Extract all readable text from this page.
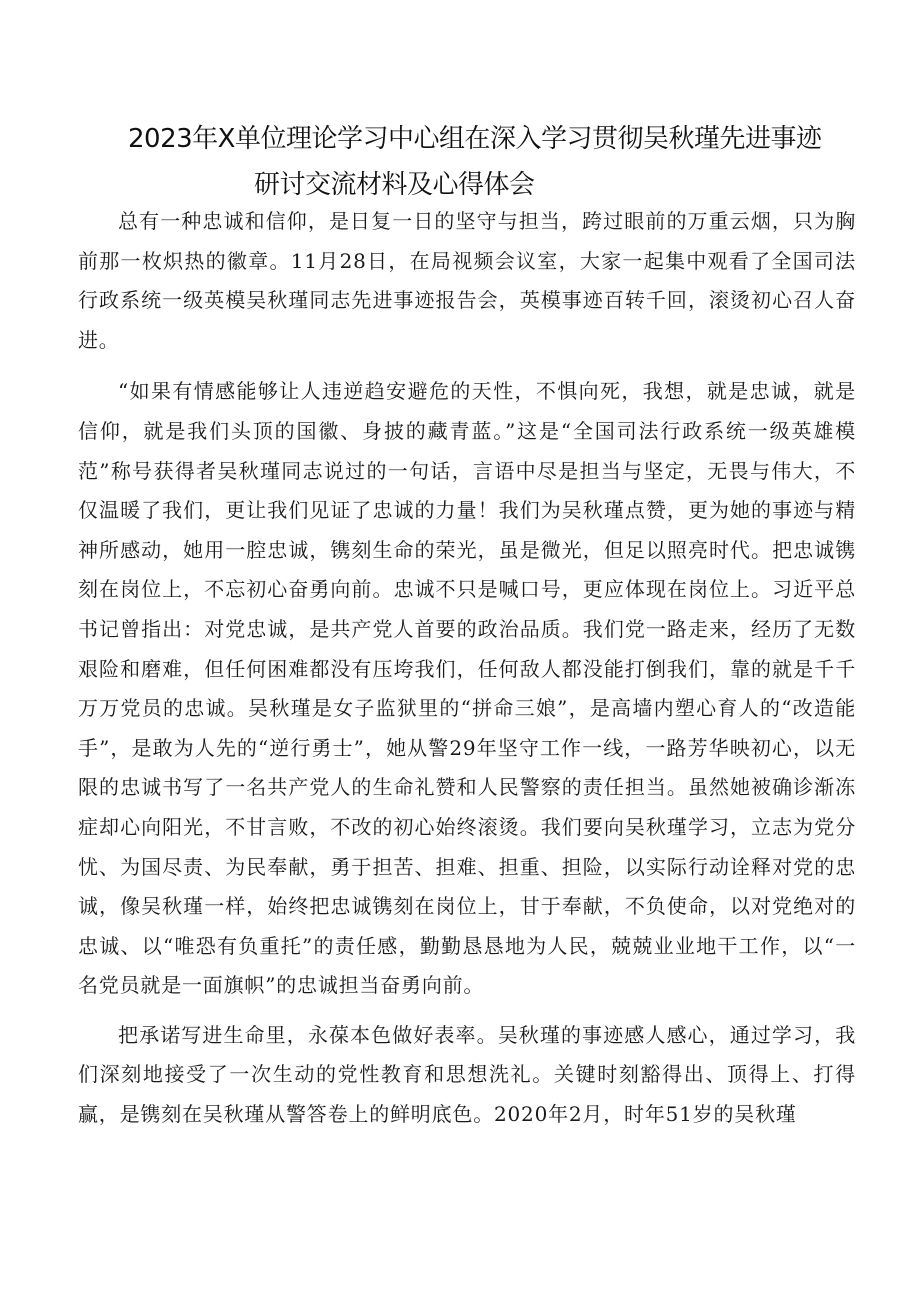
2023年X单位理论学习中心组在深入学习贯彻吴秋瑾先进事迹
研讨交流材料及心得体会

总有一种忠诚和信仰，是日复一日的坚守与担当，跨过眼前的万重云烟，只为胸前那一枚炽热的徽章。11月28日，在局视频会议室，大家一起集中观看了全国司法行政系统一级英模吴秋瑾同志先进事迹报告会，英模事迹百转千回，滚烫初心召人奋进。

“如果有情感能够让人违逆趋安避危的天性，不惧向死，我想，就是忠诚，就是信仰，就是我们头顶的国徽、身披的藏青蓝。”这是“全国司法行政系统一级英雄模范”称号获得者吴秋瑾同志说过的一句话，言语中尽是担当与坚定，无畏与伟大，不仅温暖了我们，更让我们见证了忠诚的力量！我们为吴秋瑾点赞，更为她的事迹与精神所感动，她用一腔忠诚，镌刻生命的荣光，虽是微光，但足以照亮时代。把忠诚镌刻在岗位上，不忘初心奋勇向前。忠诚不只是喊口号，更应体现在岗位上。习近平总书记曾指出：对党忠诚，是共产党人首要的政治品质。我们党一路走来，经历了无数艰险和磨难，但任何困难都没有压垮我们，任何敌人都没能打倒我们，靠的就是千千万万党员的忠诚。吴秋瑾是女子监狱里的“拼命三娘”，是高墙内塑心育人的“改造能手”，是敢为人先的“逆行勇士”，她从警29年坚守工作一线，一路芳华映初心，以无限的忠诚书写了一名共产党人的生命礼赞和人民警察的责任担当。虽然她被确诊渐冻症却心向阳光，不甘言败，不改的初心始终滚烫。我们要向吴秋瑾学习，立志为党分忧、为国尽责、为民奉献，勇于担苦、担难、担重、担险，以实际行动诠释对党的忠诚，像吴秋瑾一样，始终把忠诚镌刻在岗位上，甘于奉献，不负使命，以对党绝对的忠诚、以“唯恐有负重托”的责任感，勤勤恳恳地为人民，兢兢业业地干工作，以“一名党员就是一面旗帜”的忠诚担当奋勇向前。

把承诺写进生命里，永葆本色做好表率。吴秋瑾的事迹感人感心，通过学习，我们深刻地接受了一次生动的党性教育和思想洗礼。关键时刻豁得出、顶得上、打得赢，是镌刻在吴秋瑾从警答卷上的鲜明底色。2020年2月，时年51岁的吴秋瑾
